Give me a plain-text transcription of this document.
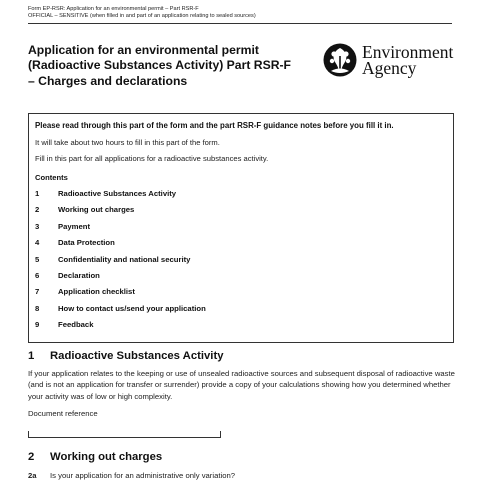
Form EP-RSR: Application for an environmental permit – Part RSR-F
OFFICIAL – SENSITIVE (when filled in and part of an application relating to sealed sources)
Application for an environmental permit (Radioactive Substances Activity) Part RSR-F – Charges and declarations
Environment
Agency
Please read through this part of the form and the part RSR-F guidance notes before you fill it in.
It will take about two hours to fill in this part of the form.
Fill in this part for all applications for a radioactive substances activity.
Contents
1	Radioactive Substances Activity
2	Working out charges
3	Payment
4	Data Protection
5	Confidentiality and national security
6	Declaration
7	Application checklist
8	How to contact us/send your application
9	Feedback
1 Radioactive Substances Activity
If your application relates to the keeping or use of unsealed radioactive sources and subsequent disposal of radioactive waste (and is not an application for transfer or surrender) provide a copy of your calculations showing how you determined whether your activity was of low or high complexity.
Document reference
2 Working out charges
2a	Is your application for an administrative only variation?
